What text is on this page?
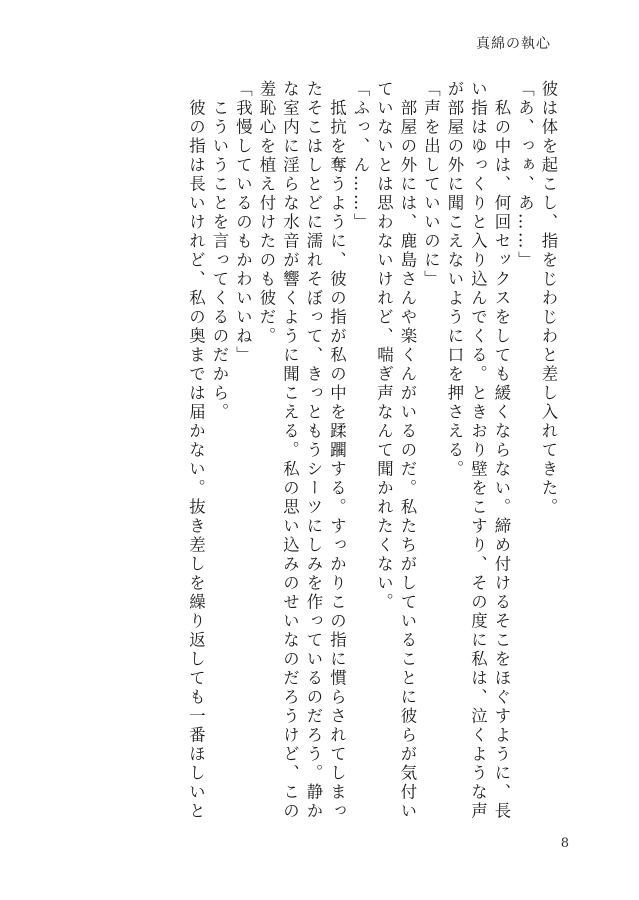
真綿の執心
彼は体を起こし、指をじわじわと差し入れてきた。
「あ、っぁ、あ……」
　私の中は、何回セックスをしても緩くならない。締め付けるそこをほぐすように、長
い指はゆっくりと入り込んでくる。ときおり壁をこすり、その度に私は、泣くような声
が部屋の外に聞こえないように口を押さえる。
「声を出していいのに」
　部屋の外には、鹿島さんや楽くんがいるのだ。私たちがしていることに彼らが気付い
ていないとは思わないけれど、喘ぎ声なんて聞かれたくない。
「ふっ、ん……」
　抵抗を奪うように、彼の指が私の中を蹂躙する。すっかりこの指に慣らされてしまっ
たそこはしとどに濡れそぼって、きっともうシーツにしみを作っているのだろう。静か
な室内に淫らな水音が響くように聞こえる。私の思い込みのせいなのだろうけど、この
羞恥心を植え付けたのも彼だ。
「我慢しているのもかわいいね」
　こういうことを言ってくるのだから。
　彼の指は長いけれど、私の奥までは届かない。抜き差しを繰り返しても一番ほしいと
8
